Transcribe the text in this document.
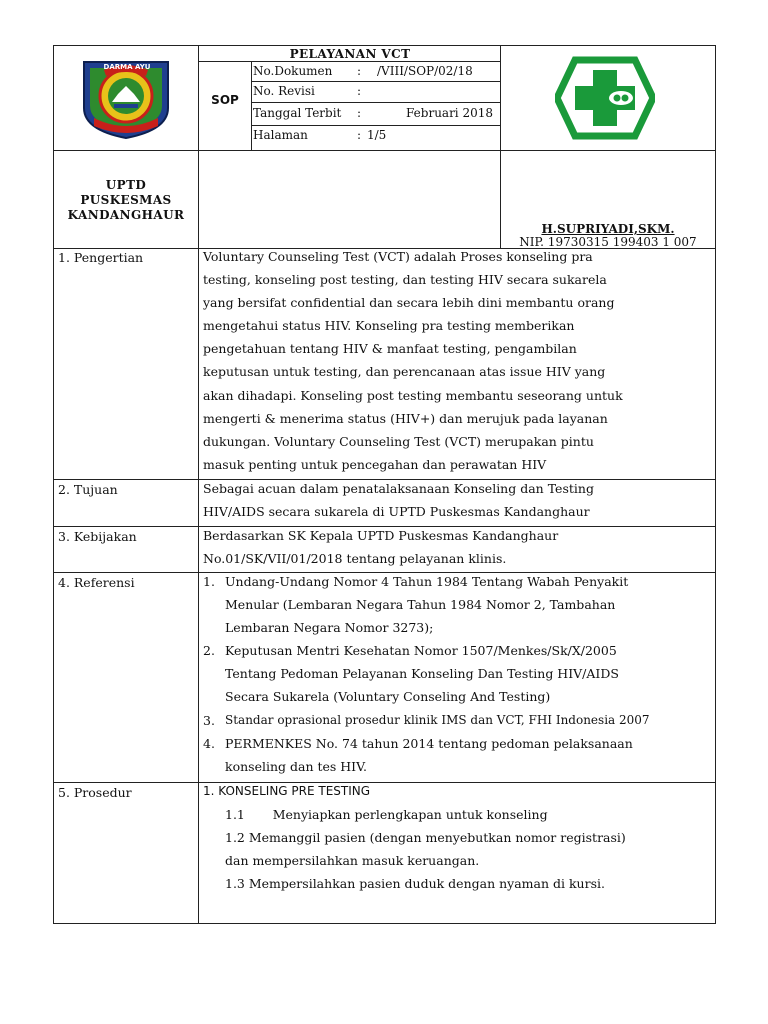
DARMA AYU
SOP
PELAYANAN VCT
No.Dokumen : /VIII/SOP/02/18
No. Revisi	:
Tanggal Terbit :	Februari 2018
Halaman	: 1/5
UPTD
PUSKESMAS
KANDANGHAUR
H.SUPRIYADI,SKM.
NIP. 19730315 199403 1 007
1. Pengertian	Voluntary Counseling Test (VCT) adalah Proses konseling pra
testing, konseling post testing, dan testing HIV secara sukarela
yang bersifat confidential dan secara lebih dini membantu orang
mengetahui status HIV. Konseling pra testing memberikan
pengetahuan tentang HIV & manfaat testing, pengambilan
keputusan untuk testing, dan perencanaan atas issue HIV yang
akan dihadapi. Konseling post testing membantu seseorang untuk
mengerti & menerima status (HIV+) dan merujuk pada layanan
dukungan. Voluntary Counseling Test (VCT) merupakan pintu
masuk penting untuk pencegahan dan perawatan HIV
2. Tujuan	Sebagai acuan dalam penatalaksanaan Konseling dan Testing
HIV/AIDS secara sukarela di UPTD Puskesmas Kandanghaur
3. Kebijakan	Berdasarkan SK Kepala UPTD Puskesmas Kandanghaur
No.01/SK/VII/01/2018 tentang pelayanan klinis.
4. Referensi	1. Undang-Undang Nomor 4 Tahun 1984 Tentang Wabah Penyakit
Menular (Lembaran Negara Tahun 1984 Nomor 2, Tambahan
Lembaran Negara Nomor 3273);
2. Keputusan Mentri Kesehatan Nomor 1507/Menkes/Sk/X/2005
Tentang Pedoman Pelayanan Konseling Dan Testing HIV/AIDS
Secara Sukarela (Voluntary Conseling And Testing)
3. Standar oprasional prosedur klinik IMS dan VCT, FHI Indonesia 2007
4. PERMENKES No. 74 tahun 2014 tentang pedoman pelaksanaan
konseling dan tes HIV.
5. Prosedur	1. KONSELING PRE TESTING
1.1       Menyiapkan perlengkapan untuk konseling
1.2 Memanggil pasien (dengan menyebutkan nomor registrasi)
dan mempersilahkan masuk keruangan.
1.3 Mempersilahkan pasien duduk dengan nyaman di kursi.
